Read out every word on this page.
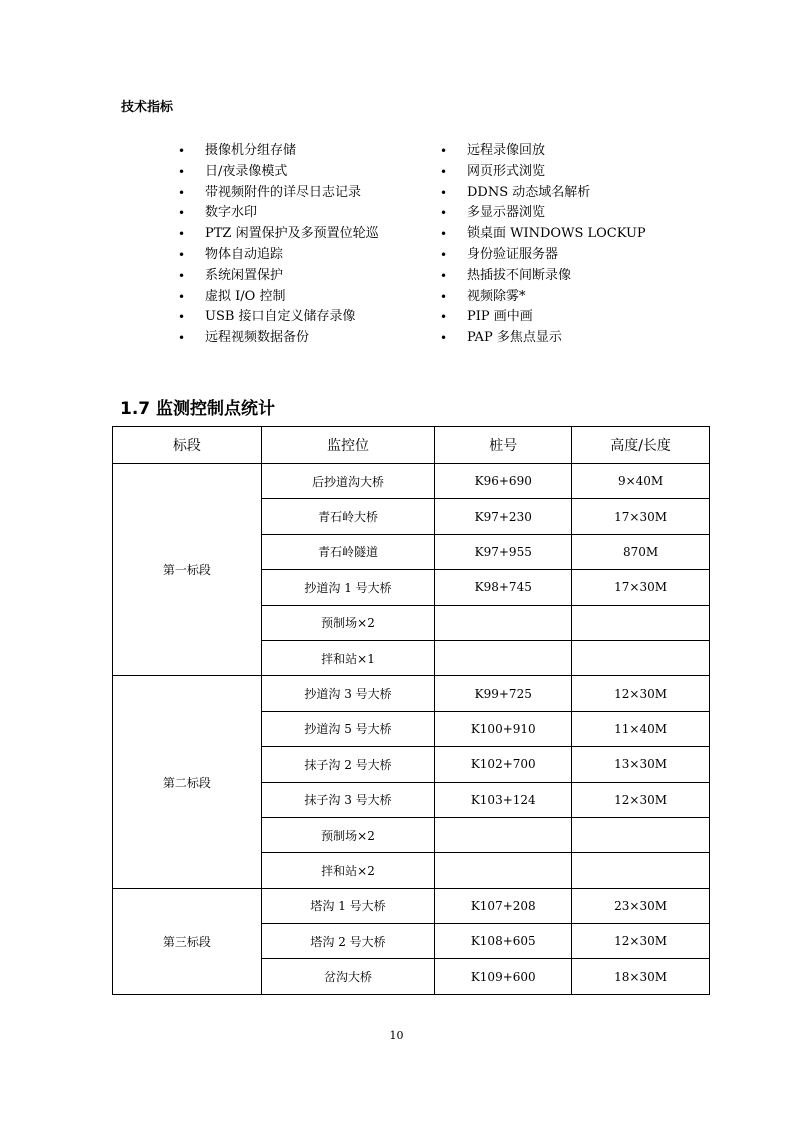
技术指标
• 摄像机分组存储
• 日/夜录像模式
• 带视频附件的详尽日志记录
• 数字水印
• PTZ 闲置保护及多预置位轮巡
• 物体自动追踪
• 系统闲置保护
• 虚拟 I/O 控制
• USB 接口自定义储存录像
• 远程视频数据备份
• 远程录像回放
• 网页形式浏览
• DDNS 动态域名解析
• 多显示器浏览
• 锁桌面 WINDOWS LOCKUP
• 身份验证服务器
• 热插拔不间断录像
• 视频除雾*
• PIP 画中画
• PAP 多焦点显示
1.7 监测控制点统计
标段	监控位	桩号	高度/长度
第一标段	后抄道沟大桥	K96+690	9×40M
	青石岭大桥	K97+230	17×30M
	青石岭隧道	K97+955	870M
	抄道沟 1 号大桥	K98+745	17×30M
	预制场×2		
	拌和站×1		
第二标段	抄道沟 3 号大桥	K99+725	12×30M
	抄道沟 5 号大桥	K100+910	11×40M
	抹子沟 2 号大桥	K102+700	13×30M
	抹子沟 3 号大桥	K103+124	12×30M
	预制场×2		
	拌和站×2		
第三标段	塔沟 1 号大桥	K107+208	23×30M
	塔沟 2 号大桥	K108+605	12×30M
	岔沟大桥	K109+600	18×30M
10
